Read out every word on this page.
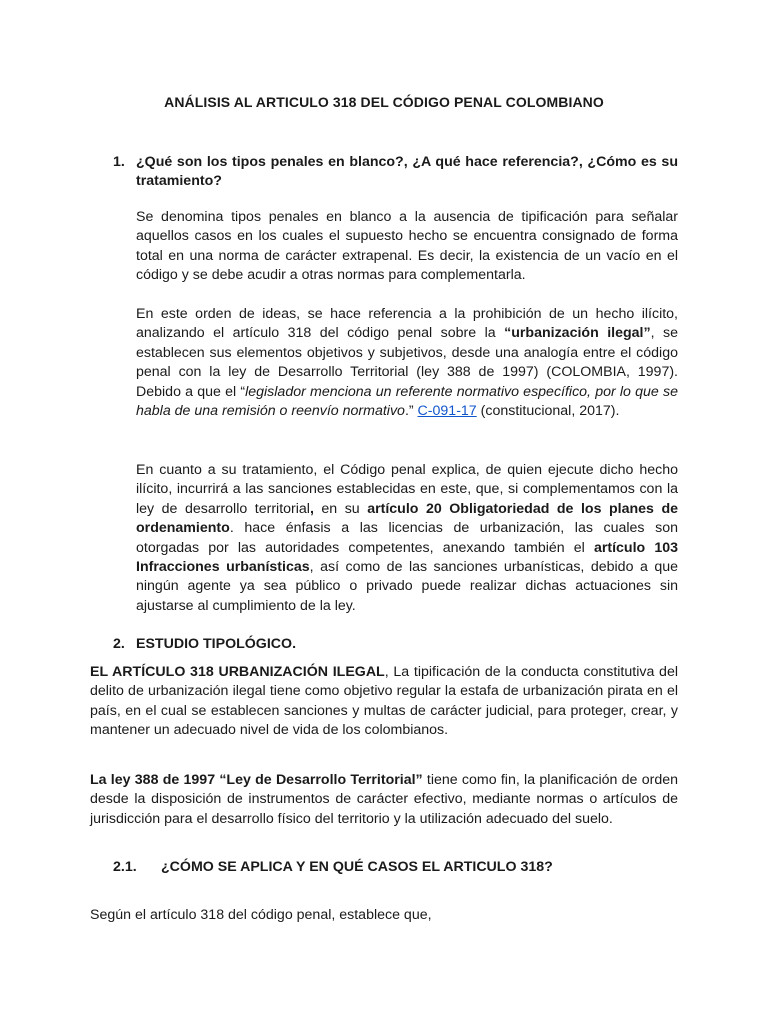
ANÁLISIS AL ARTICULO 318 DEL CÓDIGO PENAL COLOMBIANO
1. ¿Qué son los tipos penales en blanco?, ¿A qué hace referencia?, ¿Cómo es su tratamiento?
Se denomina tipos penales en blanco a la ausencia de tipificación para señalar aquellos casos en los cuales el supuesto hecho se encuentra consignado de forma total en una norma de carácter extrapenal. Es decir, la existencia de un vacío en el código y se debe acudir a otras normas para complementarla.
En este orden de ideas, se hace referencia a la prohibición de un hecho ilícito, analizando el artículo 318 del código penal sobre la “urbanización ilegal”, se establecen sus elementos objetivos y subjetivos, desde una analogía entre el código penal con la ley de Desarrollo Territorial (ley 388 de 1997) (COLOMBIA, 1997). Debido a que el “legislador menciona un referente normativo específico, por lo que se habla de una remisión o reenvío normativo.” C-091-17 (constitucional, 2017).
En cuanto a su tratamiento, el Código penal explica, de quien ejecute dicho hecho ilícito, incurrirá a las sanciones establecidas en este, que, si complementamos con la ley de desarrollo territorial, en su artículo 20 Obligatoriedad de los planes de ordenamiento. hace énfasis a las licencias de urbanización, las cuales son otorgadas por las autoridades competentes, anexando también el artículo 103 Infracciones urbanísticas, así como de las sanciones urbanísticas, debido a que ningún agente ya sea público o privado puede realizar dichas actuaciones sin ajustarse al cumplimiento de la ley.
2. ESTUDIO TIPOLÓGICO.
EL ARTÍCULO 318 URBANIZACIÓN ILEGAL, La tipificación de la conducta constitutiva del delito de urbanización ilegal tiene como objetivo regular la estafa de urbanización pirata en el país, en el cual se establecen sanciones y multas de carácter judicial, para proteger, crear, y mantener un adecuado nivel de vida de los colombianos.
La ley 388 de 1997 “Ley de Desarrollo Territorial” tiene como fin, la planificación de orden desde la disposición de instrumentos de carácter efectivo, mediante normas o artículos de jurisdicción para el desarrollo físico del territorio y la utilización adecuado del suelo.
2.1. ¿CÓMO SE APLICA Y EN QUÉ CASOS EL ARTICULO 318?
Según el artículo 318 del código penal, establece que,
